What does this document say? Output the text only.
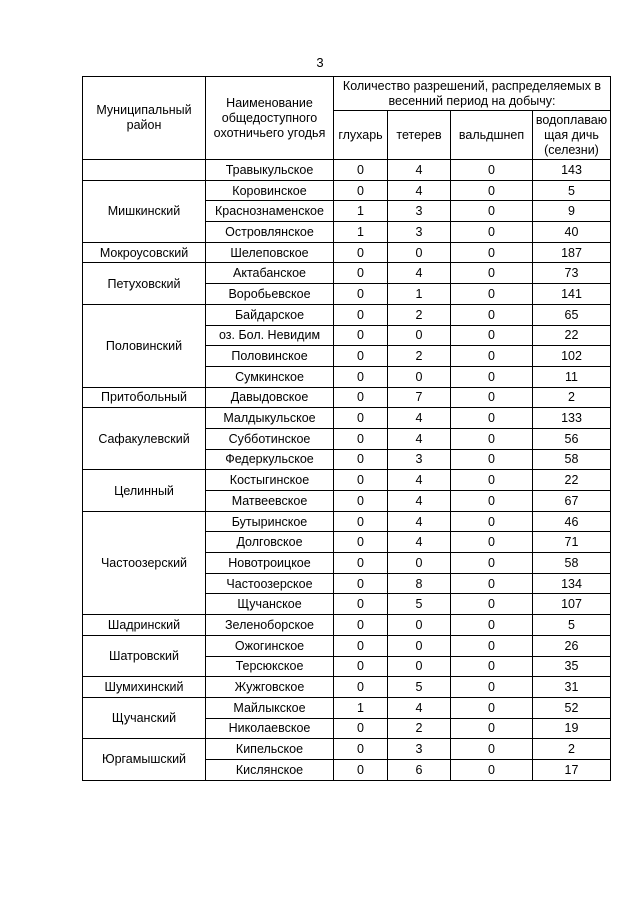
3
Муниципальный район	Наименование общедоступного охотничьего угодья	Количество разрешений, распределяемых в весенний период на добычу:			
		глухарь	тетерев	вальдшнеп	водоплаваю щая дичь (селезни)
	Травыкульское	0	4	0	143
Мишкинский	Коровинское	0	4	0	5
	Краснознаменское	1	3	0	9
	Островлянское	1	3	0	40
Мокроусовский	Шелеповское	0	0	0	187
Петуховский	Актабанское	0	4	0	73
	Воробьевское	0	1	0	141
Половинский	Байдарское	0	2	0	65
	оз. Бол. Невидим	0	0	0	22
	Половинское	0	2	0	102
	Сумкинское	0	0	0	11
Притобольный	Давыдовское	0	7	0	2
Сафакулевский	Малдыкульское	0	4	0	133
	Субботинское	0	4	0	56
	Федеркульское	0	3	0	58
Целинный	Костыгинское	0	4	0	22
	Матвеевское	0	4	0	67
Частоозерский	Бутыринское	0	4	0	46
	Долговское	0	4	0	71
	Новотроицкое	0	0	0	58
	Частоозерское	0	8	0	134
	Щучанское	0	5	0	107
Шадринский	Зеленоборское	0	0	0	5
Шатровский	Ожогинское	0	0	0	26
	Терсюкское	0	0	0	35
Шумихинский	Жужговское	0	5	0	31
Щучанский	Майлыкское	1	4	0	52
	Николаевское	0	2	0	19
Юргамышский	Кипельское	0	3	0	2
	Кислянское	0	6	0	17
